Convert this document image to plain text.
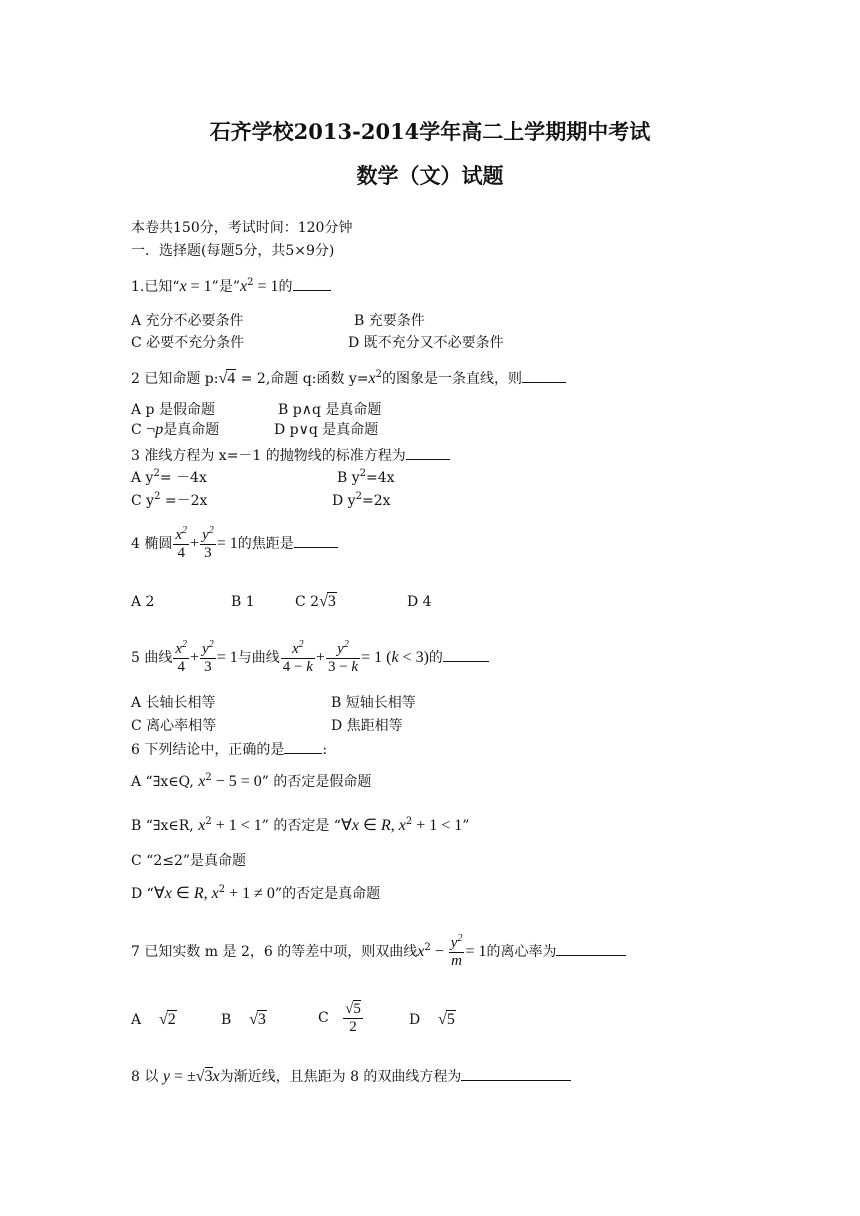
石齐学校2013-2014学年高二上学期期中考试
数学（文）试题
本卷共150分，考试时间：120分钟
一．选择题(每题5分，共5×9分)
1.已知“x = 1”是$”x^2 = 1$的
A 充分不必要条件	B 充要条件
C 必要不充分条件	D 既不充分又不必要条件
2 已知命题 p:√4 = 2,命题 q:函数 $y=x^2$的图象是一条直线，则
A p 是假命题	B p∧q 是真命题
C ¬p是真命题	D p∨q 是真命题
3 准线方程为 x=－1 的抛物线的标准方程为
A $y^2= -4x$	B $y^2=4x$
C $y^2 =-2x$	D $y^2=2x$
4 椭圆 $\frac{x^2}{4} + \frac{y^2}{3} = 1$的焦距是
A 2	B 1	C 2√3	D 4
5 曲线 $\frac{x^2}{4} + \frac{y^2}{3} = 1$与曲线 $\frac{x^2}{4 - k} + \frac{y^2}{3 - k} = 1$ (k < 3)的
A 长轴长相等	B 短轴长相等
C 离心率相等	D 焦距相等
6 下列结论中，正确的是	:
A “∃x∈Q, $x^2 - 5 = 0$” 的否定是假命题
B “∃x∈R, $x^2 + 1 < 1$” 的否定是 “∀x ∈ R, $x^2 + 1 < 1$”
C “2≤2”是真命题
D “∀x ∈ R, $x^2 + 1 \ne 0$”的否定是真命题
7 已知实数 m 是 2，6 的等差中项，则双曲线$x^2 - \frac{y^2}{m} = 1$的离心率为
A √2	B √3	C $\frac{√5}{2}$	D √5
8 以 y = ±√3x为渐近线，且焦距为 8 的双曲线方程为
